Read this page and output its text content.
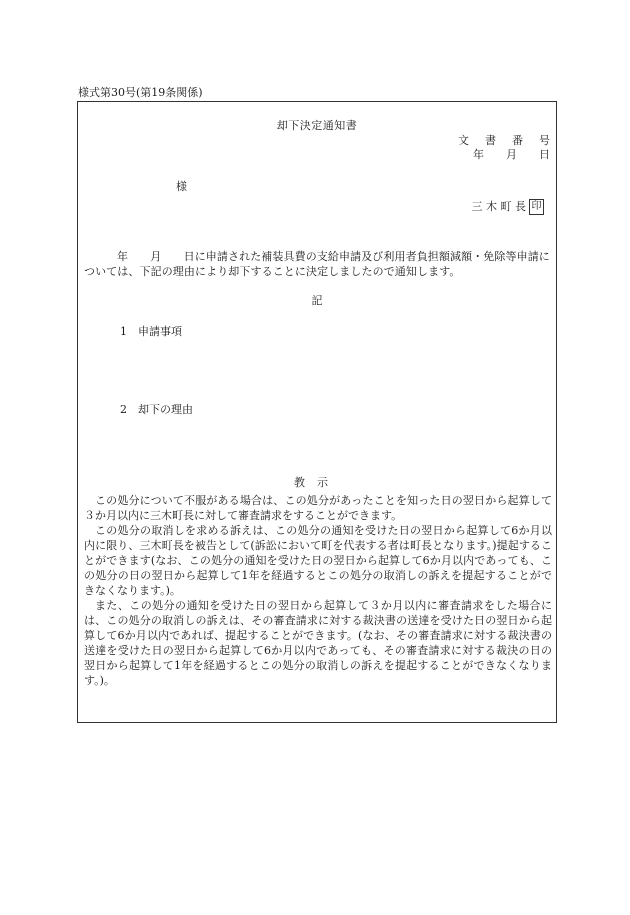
様式第30号(第19条関係)
却下決定通知書
文 書 番 号
年 月 日
様
三 木 町 長 印
年　　月　　日に申請された補装具費の支給申請及び利用者負担額減額・免除等申請については、下記の理由により却下することに決定しましたので通知します。
記
1　申請事項
2　却下の理由
教示

この処分について不服がある場合は、この処分があったことを知った日の翌日から起算して３か月以内に三木町長に対して審査請求をすることができます。

この処分の取消しを求める訴えは、この処分の通知を受けた日の翌日から起算して6か月以内に限り、三木町長を被告として(訴訟において町を代表する者は町長となります。)提起することができます(なお、この処分の通知を受けた日の翌日から起算して6か月以内であっても、この処分の日の翌日から起算して1年を経過するとこの処分の取消しの訴えを提起することができなくなります。)。

また、この処分の通知を受けた日の翌日から起算して３か月以内に審査請求をした場合には、この処分の取消しの訴えは、その審査請求に対する裁決書の送達を受けた日の翌日から起算して6か月以内であれば、提起することができます。(なお、その審査請求に対する裁決書の送達を受けた日の翌日から起算して6か月以内であっても、その審査請求に対する裁決の日の翌日から起算して1年を経過するとこの処分の取消しの訴えを提起することができなくなります。)。
